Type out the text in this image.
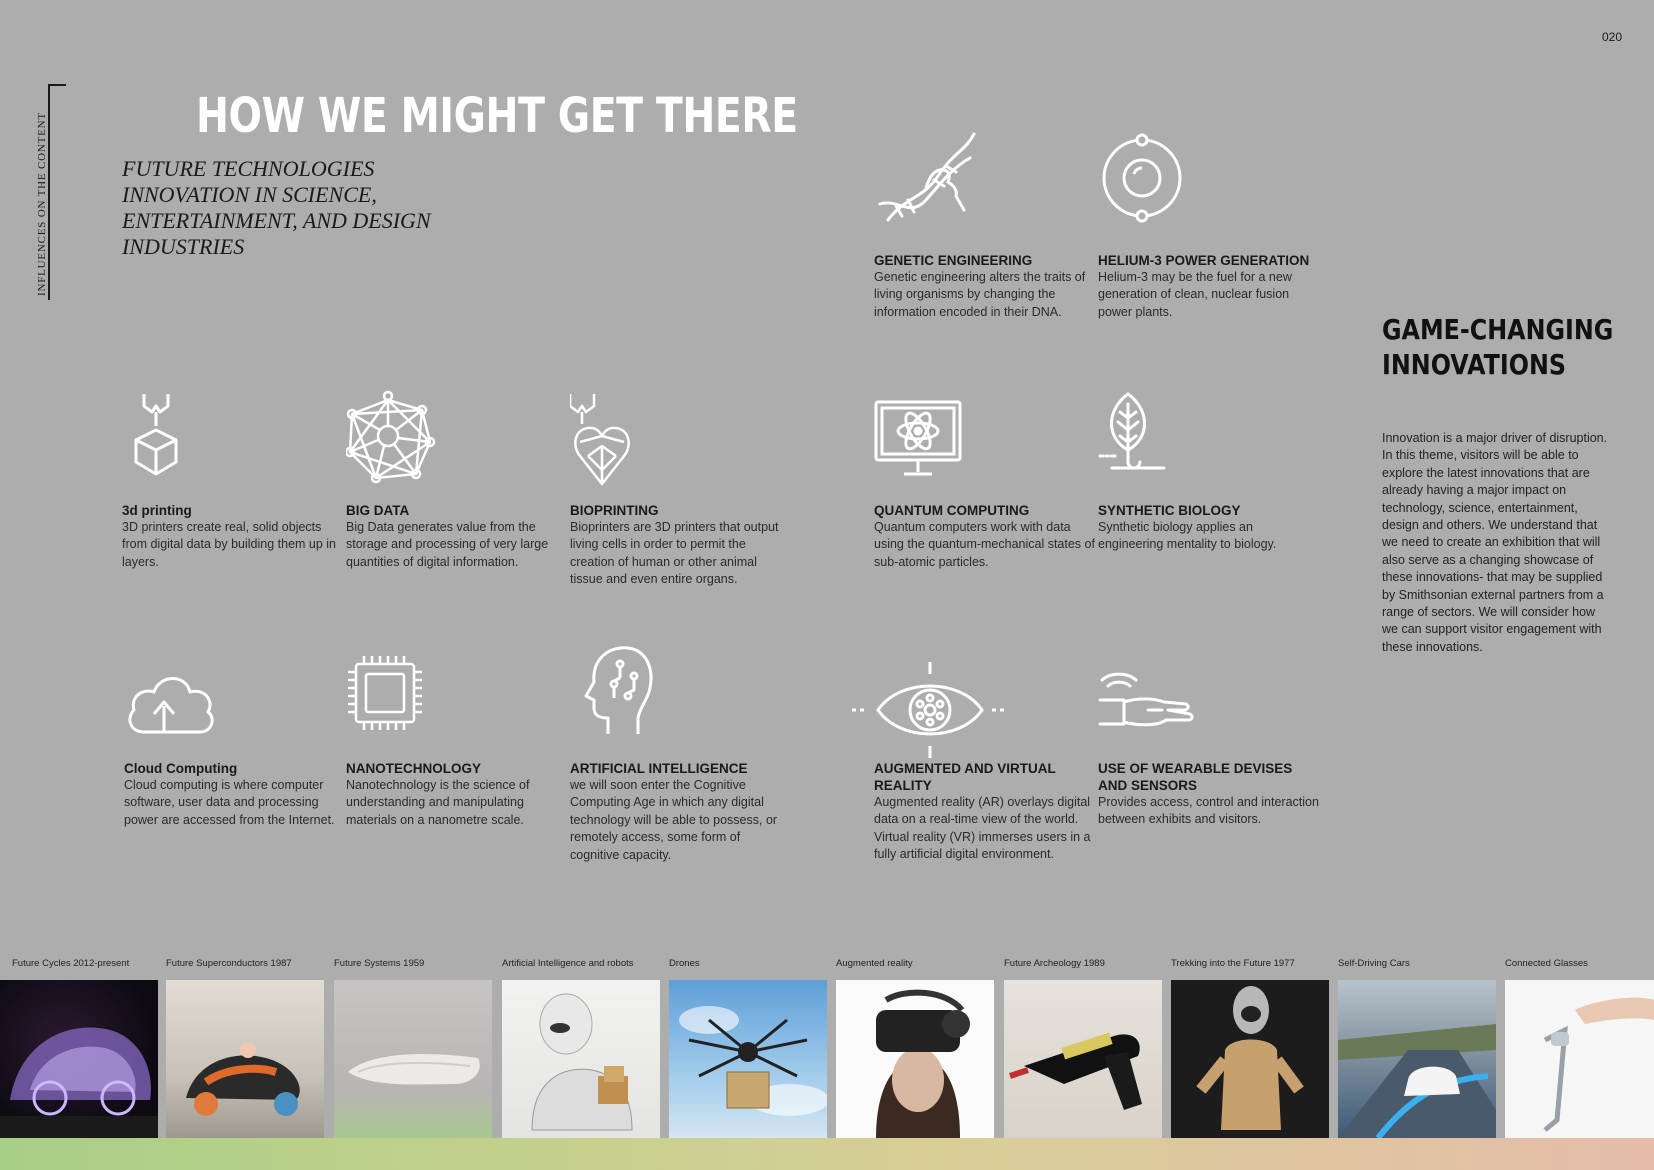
INFLUENCES ON THE CONTENT
020
HOW WE MIGHT GET THERE
FUTURE TECHNOLOGIES
INNOVATION IN SCIENCE,
ENTERTAINMENT, AND DESIGN
INDUSTRIES
GAME-CHANGING
INNOVATIONS
Innovation is a major driver of disruption. In this theme, visitors will be able to explore the latest innovations that are already having a major impact on technology, science, entertainment, design and others. We understand that we need to create an exhibition that will also serve as a changing showcase of these innovations- that may be supplied by Smithsonian external partners from a range of sectors. We will consider how we can support visitor engagement with these innovations.
GENETIC ENGINEERING
Genetic engineering alters the traits of living organisms by changing the information encoded in their DNA.
HELIUM-3 POWER GENERATION
Helium-3 may be the fuel for a new generation of clean, nuclear fusion power plants.
3d printing
3D printers create real, solid objects from digital data by building them up in layers.
BIG DATA
Big Data generates value from the storage and processing of very large quantities of digital information.
BIOPRINTING
Bioprinters are 3D printers that output living cells in order to permit the creation of human or other animal tissue and even entire organs.
QUANTUM COMPUTING
Quantum computers work with data using the quantum-mechanical states of sub-atomic particles.
SYNTHETIC BIOLOGY
Synthetic biology applies an engineering mentality to biology.
Cloud Computing
Cloud computing is where computer software, user data and processing power are accessed from the Internet.
NANOTECHNOLOGY
Nanotechnology is the science of understanding and manipulating materials on a nanometre scale.
ARTIFICIAL INTELLIGENCE
we will soon enter the Cognitive Computing Age in which any digital technology will be able to possess, or remotely access, some form of cognitive capacity.
AUGMENTED AND VIRTUAL
REALITY
Augmented reality (AR) overlays digital data on a real-time view of the world. Virtual reality (VR) immerses users in a fully artificial digital environment.
USE OF WEARABLE DEVISES
AND SENSORS
Provides access, control and interaction between exhibits and visitors.
Future Cycles 2012-present	Future Superconductors 1987	Future Systems 1959	Artificial Intelligence and robots	Drones	Augmented reality	Future Archeology 1989	Trekking into the Future 1977	Self-Driving Cars	Connected Glasses
